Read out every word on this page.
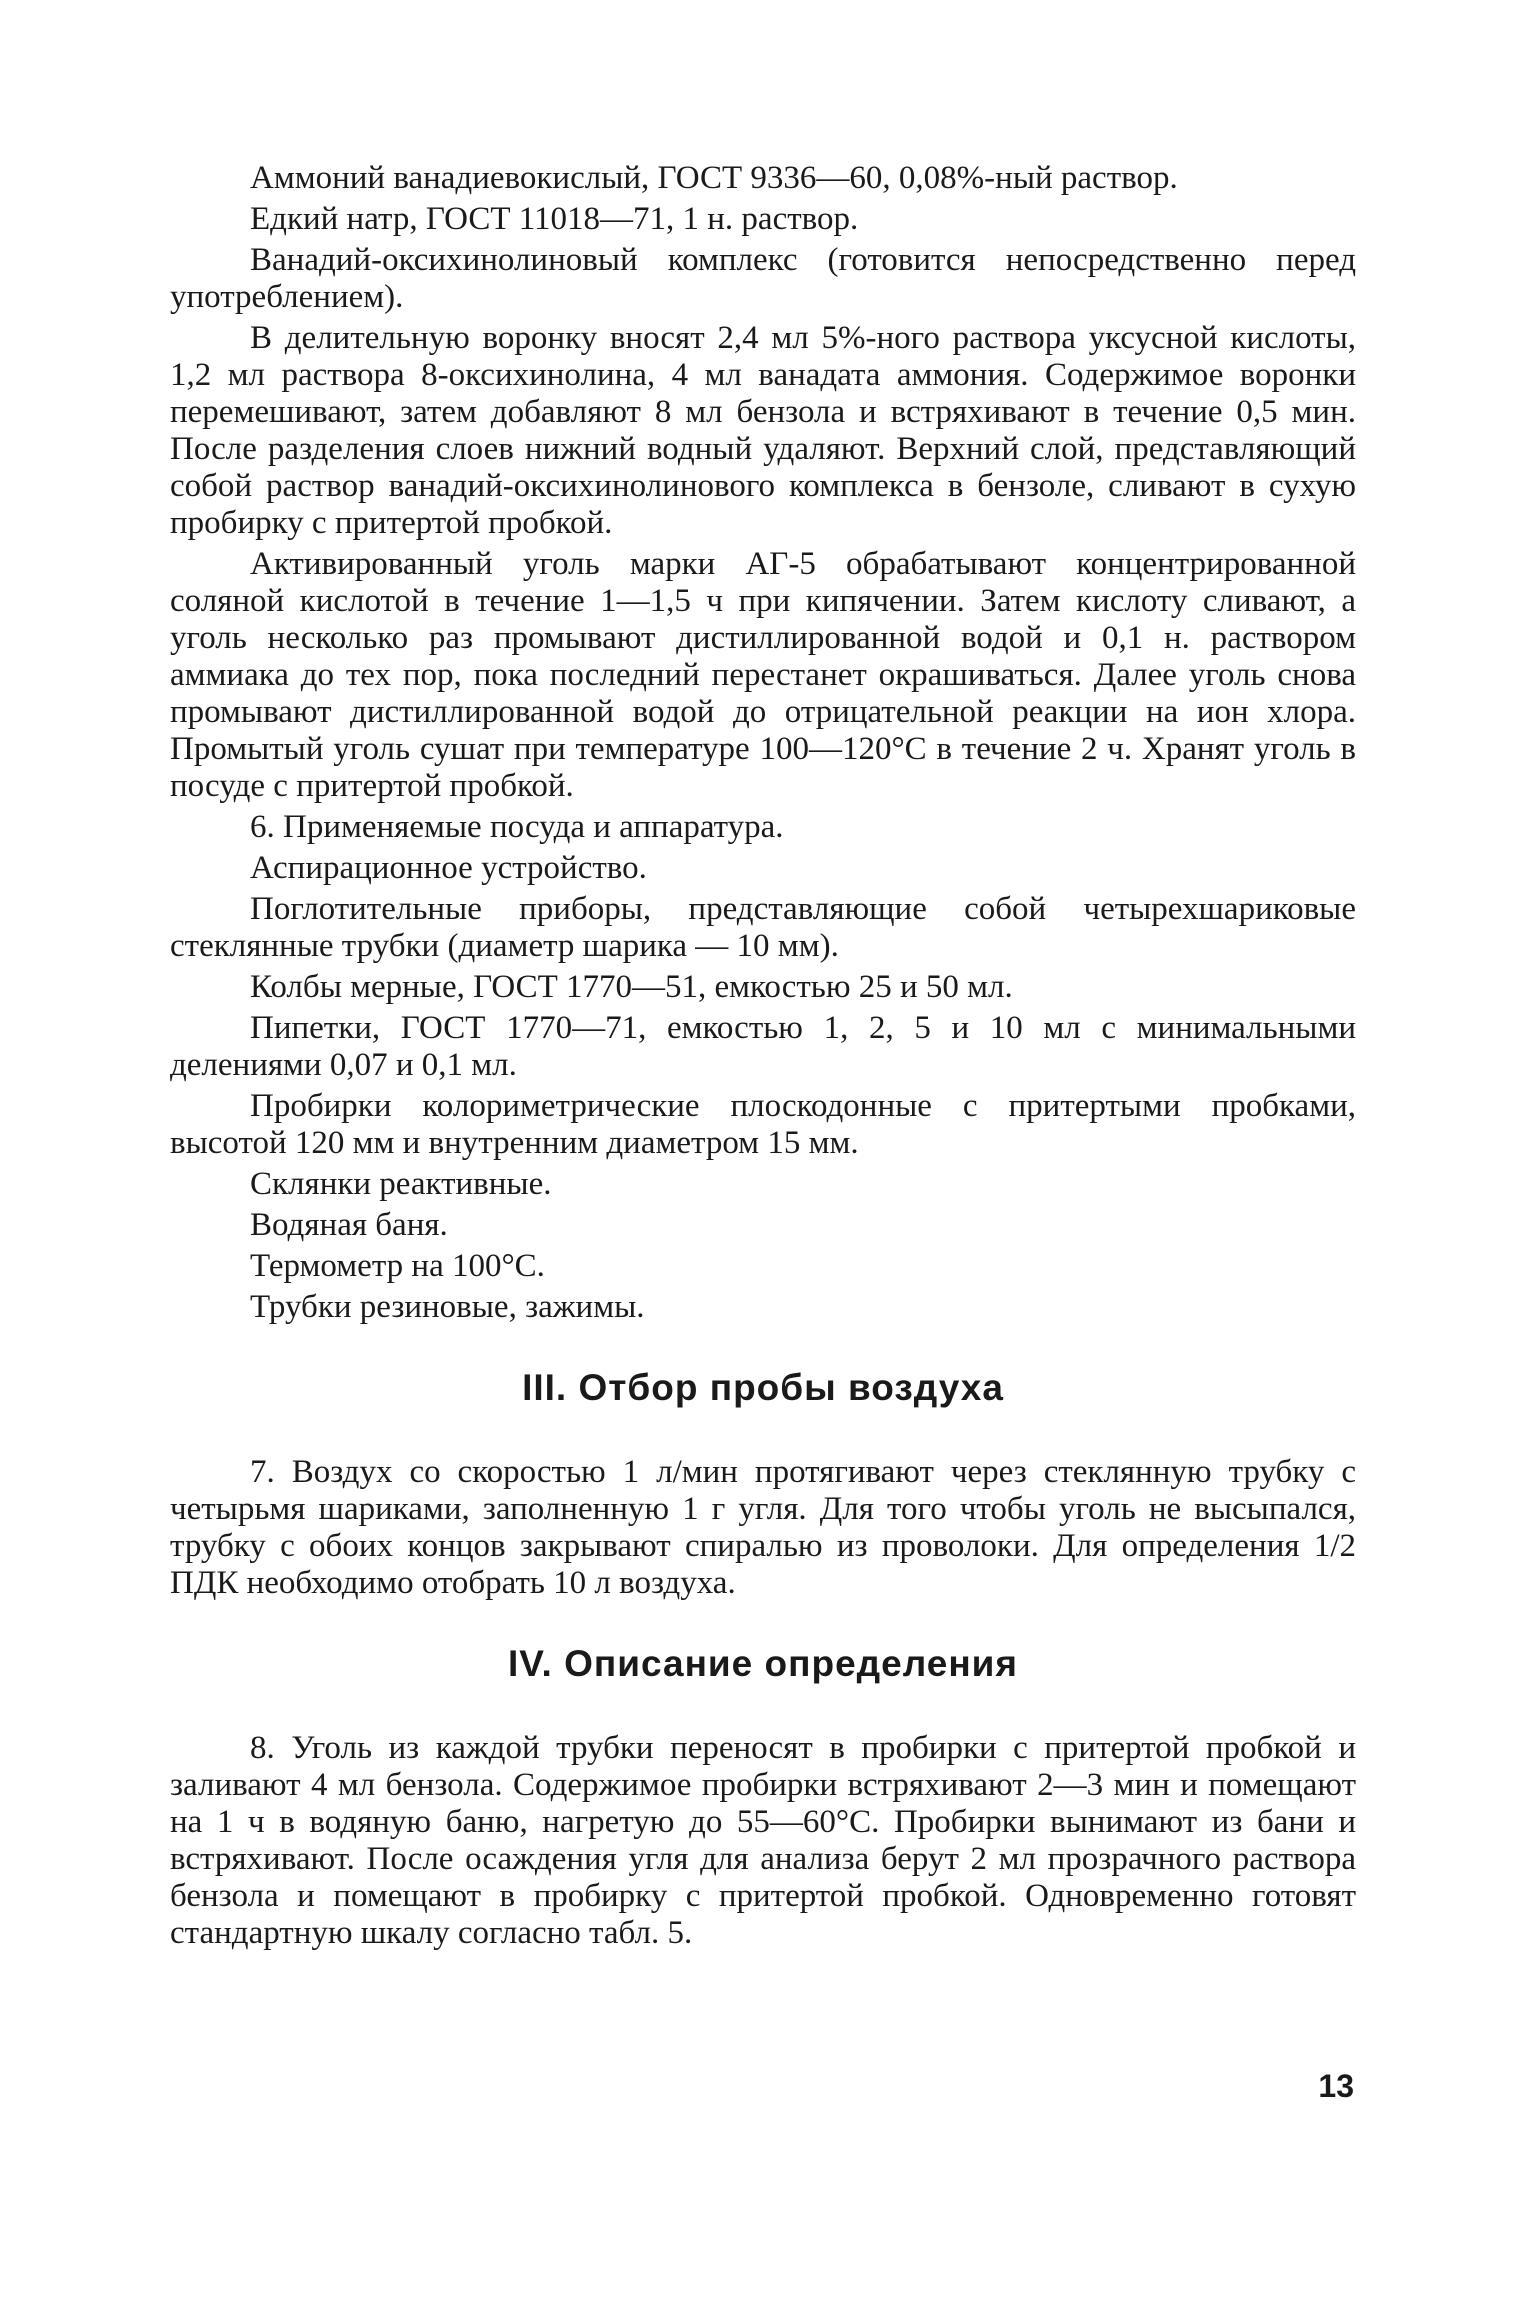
Аммоний ванадиевокислый, ГОСТ 9336—60, 0,08%-ный раствор.

Едкий натр, ГОСТ 11018—71, 1 н. раствор.

Ванадий-оксихинолиновый комплекс (готовится непосредственно перед употреблением).

В делительную воронку вносят 2,4 мл 5%-ного раствора уксусной кислоты, 1,2 мл раствора 8-оксихинолина, 4 мл ванадата аммония. Содержимое воронки перемешивают, затем добавляют 8 мл бензола и встряхивают в течение 0,5 мин. После разделения слоев нижний водный удаляют. Верхний слой, представляющий собой раствор ванадий-оксихинолинового комплекса в бензоле, сливают в сухую пробирку с притертой пробкой.

Активированный уголь марки АГ-5 обрабатывают концентрированной соляной кислотой в течение 1—1,5 ч при кипячении. Затем кислоту сливают, а уголь несколько раз промывают дистиллированной водой и 0,1 н. раствором аммиака до тех пор, пока последний перестанет окрашиваться. Далее уголь снова промывают дистиллированной водой до отрицательной реакции на ион хлора. Промытый уголь сушат при температуре 100—120°С в течение 2 ч. Хранят уголь в посуде с притертой пробкой.

6. Применяемые посуда и аппаратура.

Аспирационное устройство.

Поглотительные приборы, представляющие собой четырехшариковые стеклянные трубки (диаметр шарика — 10 мм).

Колбы мерные, ГОСТ 1770—51, емкостью 25 и 50 мл.

Пипетки, ГОСТ 1770—71, емкостью 1, 2, 5 и 10 мл с минимальными делениями 0,07 и 0,1 мл.

Пробирки колориметрические плоскодонные с притертыми пробками, высотой 120 мм и внутренним диаметром 15 мм.

Склянки реактивные.

Водяная баня.

Термометр на 100°С.

Трубки резиновые, зажимы.

III. Отбор пробы воздуха

7. Воздух со скоростью 1 л/мин протягивают через стеклянную трубку с четырьмя шариками, заполненную 1 г угля. Для того чтобы уголь не высыпался, трубку с обоих концов закрывают спиралью из проволоки. Для определения 1/2 ПДК необходимо отобрать 10 л воздуха.

IV. Описание определения

8. Уголь из каждой трубки переносят в пробирки с притертой пробкой и заливают 4 мл бензола. Содержимое пробирки встряхивают 2—3 мин и помещают на 1 ч в водяную баню, нагретую до 55—60°С. Пробирки вынимают из бани и встряхивают. После осаждения угля для анализа берут 2 мл прозрачного раствора бензола и помещают в пробирку с притертой пробкой. Одновременно готовят стандартную шкалу согласно табл. 5.

13
